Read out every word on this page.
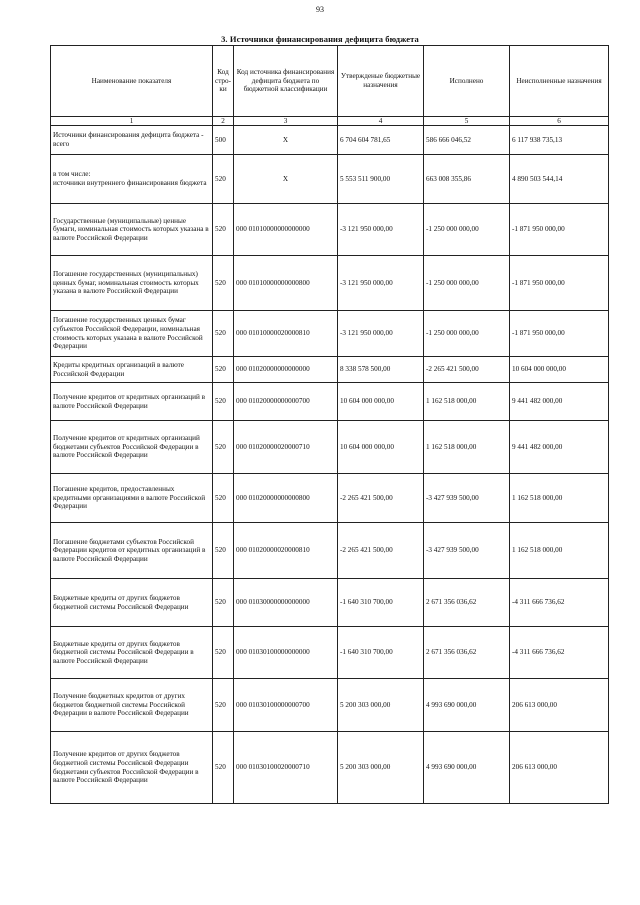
93
3. Источники финансирования дефицита бюджета
Наименование показателя	Код стро-ки	Код источника финансирования дефицита бюджета по бюджетной классификации	Утвержденые бюджетные назначения	Исполнено	Неисполненные назначения
1	2	3	4	5	6
Источники финансирования дефицита бюджета - всего	500	X	6 704 604 781,65	586 666 046,52	6 117 938 735,13
в том числе:
источники внутреннего финансирования бюджета	520	X	5 553 511 900,00	663 008 355,86	4 890 503 544,14
Государственные (муниципальные) ценные бумаги, номинальная стоимость которых указана в валюте Российской Федерации	520	000 01010000000000000	-3 121 950 000,00	-1 250 000 000,00	-1 871 950 000,00
Погашение государственных (муниципальных) ценных бумаг, номинальная стоимость которых указана в валюте Российской Федерации	520	000 01010000000000800	-3 121 950 000,00	-1 250 000 000,00	-1 871 950 000,00
Погашение государственных ценных бумаг субъектов Российской Федерации, номинальная стоимость которых указана в валюте Российской Федерации	520	000 01010000020000810	-3 121 950 000,00	-1 250 000 000,00	-1 871 950 000,00
Кредиты кредитных организаций в валюте Российской Федерации	520	000 01020000000000000	8 338 578 500,00	-2 265 421 500,00	10 604 000 000,00
Получение кредитов от кредитных организаций в валюте Российской Федерации	520	000 01020000000000700	10 604 000 000,00	1 162 518 000,00	9 441 482 000,00
Получение кредитов от кредитных организаций бюджетами субъектов Российской Федерации в валюте Российской Федерации	520	000 01020000020000710	10 604 000 000,00	1 162 518 000,00	9 441 482 000,00
Погашение кредитов, предоставленных кредитными организациями в валюте Российской Федерации	520	000 01020000000000800	-2 265 421 500,00	-3 427 939 500,00	1 162 518 000,00
Погашение бюджетами субъектов Российской Федерации кредитов от кредитных организаций в валюте Российской Федерации	520	000 01020000020000810	-2 265 421 500,00	-3 427 939 500,00	1 162 518 000,00
Бюджетные кредиты от других бюджетов бюджетной системы Российской Федерации	520	000 01030000000000000	-1 640 310 700,00	2 671 356 036,62	-4 311 666 736,62
Бюджетные кредиты от других бюджетов бюджетной системы Российской Федерации в валюте Российской Федерации	520	000 01030100000000000	-1 640 310 700,00	2 671 356 036,62	-4 311 666 736,62
Получение бюджетных кредитов от других бюджетов бюджетной системы Российской Федерации в валюте Российской Федерации	520	000 01030100000000700	5 200 303 000,00	4 993 690 000,00	206 613 000,00
Получение кредитов от других бюджетов бюджетной системы Российской Федерации бюджетами субъектов Российской Федерации в валюте Российской Федерации	520	000 01030100020000710	5 200 303 000,00	4 993 690 000,00	206 613 000,00
